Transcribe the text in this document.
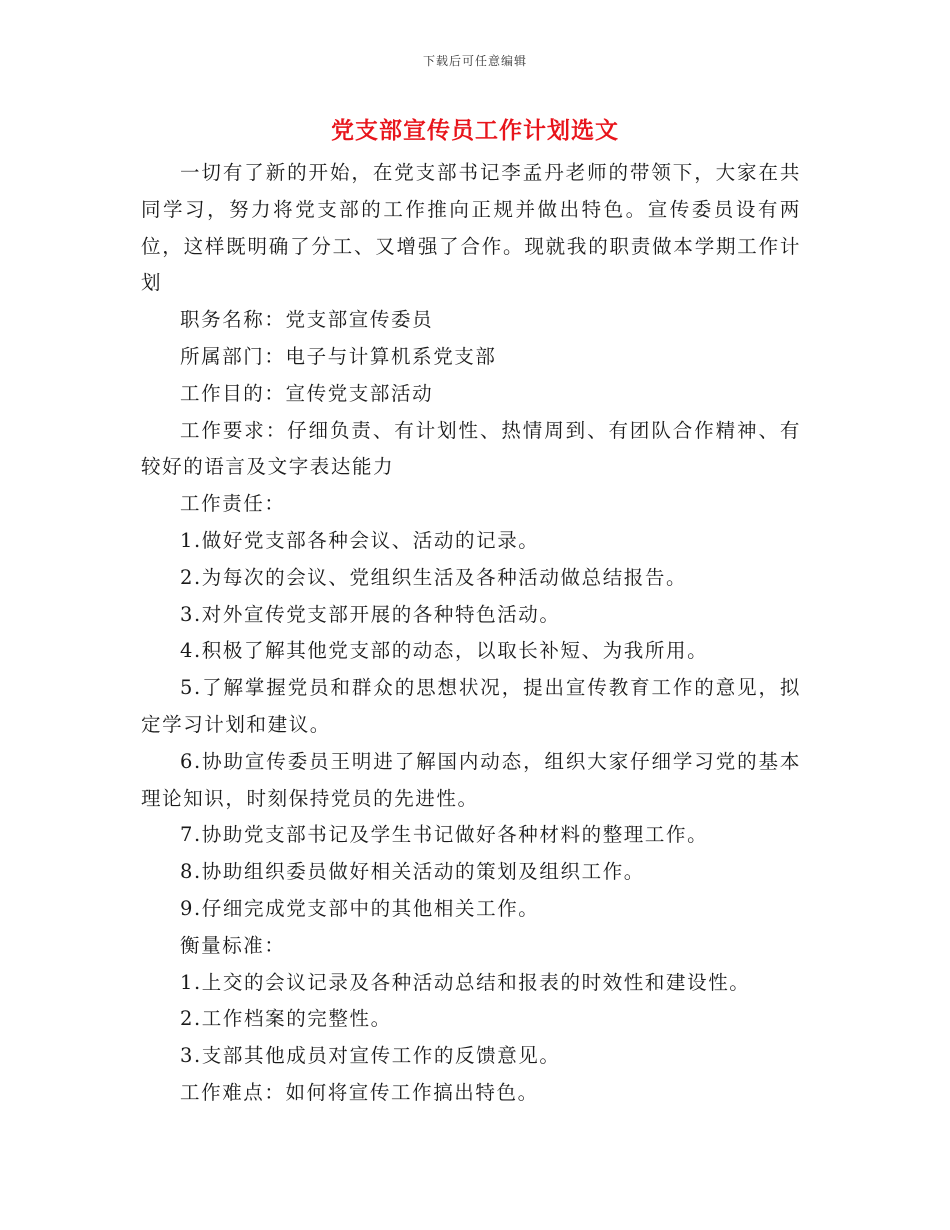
下载后可任意编辑
党支部宣传员工作计划选文

一切有了新的开始，在党支部书记李孟丹老师的带领下，大家在共同学习，努力将党支部的工作推向正规并做出特色。宣传委员设有两位，这样既明确了分工、又增强了合作。现就我的职责做本学期工作计划

职务名称：党支部宣传委员

所属部门：电子与计算机系党支部

工作目的：宣传党支部活动

工作要求：仔细负责、有计划性、热情周到、有团队合作精神、有较好的语言及文字表达能力

工作责任：

1.做好党支部各种会议、活动的记录。

2.为每次的会议、党组织生活及各种活动做总结报告。

3.对外宣传党支部开展的各种特色活动。

4.积极了解其他党支部的动态，以取长补短、为我所用。

5.了解掌握党员和群众的思想状况，提出宣传教育工作的意见，拟定学习计划和建议。

6.协助宣传委员王明进了解国内动态，组织大家仔细学习党的基本理论知识，时刻保持党员的先进性。

7.协助党支部书记及学生书记做好各种材料的整理工作。

8.协助组织委员做好相关活动的策划及组织工作。

9.仔细完成党支部中的其他相关工作。

衡量标准：

1.上交的会议记录及各种活动总结和报表的时效性和建设性。

2.工作档案的完整性。

3.支部其他成员对宣传工作的反馈意见。

工作难点：如何将宣传工作搞出特色。
